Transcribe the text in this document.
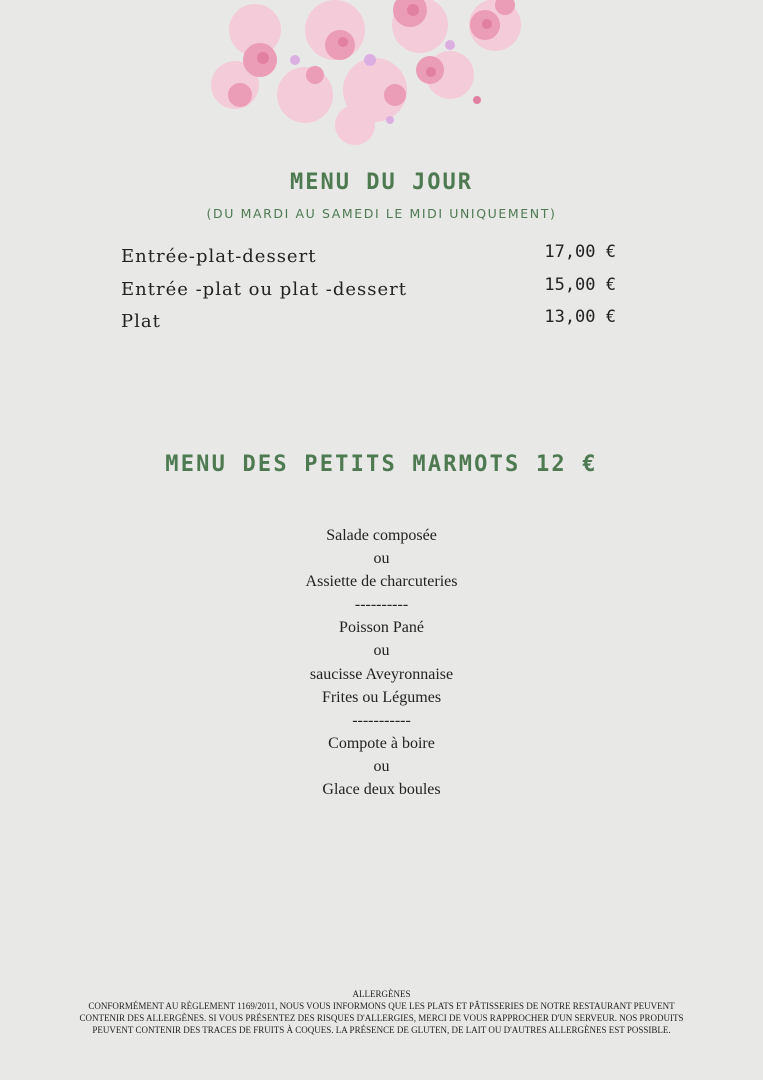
MENU DU JOUR
(DU MARDI AU SAMEDI LE MIDI UNIQUEMENT)
Entrée-plat-dessert	17,00 €
Entrée -plat ou plat -dessert	15,00 €
Plat	13,00 €
MENU DES PETITS MARMOTS 12 €
Salade composée
ou
Assiette de charcuteries
----------
Poisson Pané
ou
saucisse Aveyronnaise
Frites ou Légumes
-----------
Compote à boire
ou
Glace deux boules
ALLERGÈNES
CONFORMÉMENT AU RÈGLEMENT 1169/2011, NOUS VOUS INFORMONS QUE LES PLATS ET PÂTISSERIES DE NOTRE RESTAURANT PEUVENT
CONTENIR DES ALLERGÈNES. SI VOUS PRÉSENTEZ DES RISQUES D'ALLERGIES, MERCI DE VOUS RAPPROCHER D'UN SERVEUR. NOS PRODUITS
PEUVENT CONTENIR DES TRACES DE FRUITS À COQUES. LA PRÉSENCE DE GLUTEN, DE LAIT OU D'AUTRES ALLERGÈNES EST POSSIBLE.
